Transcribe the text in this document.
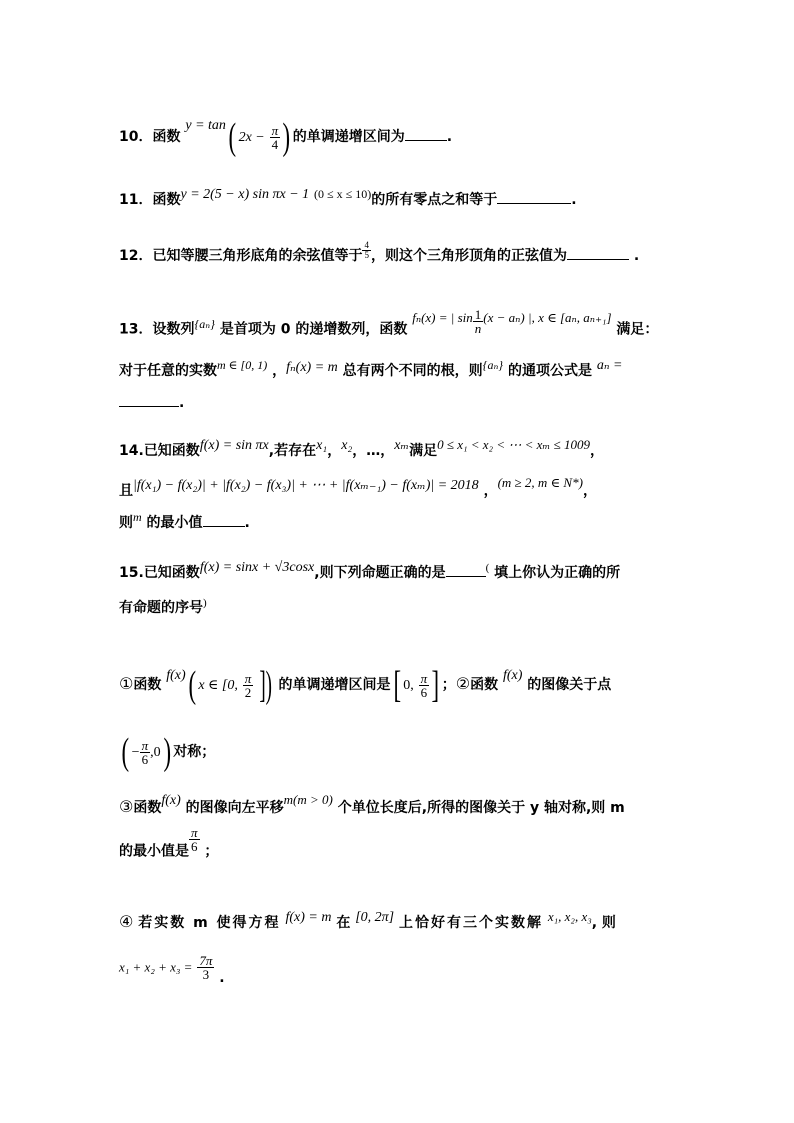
10．函数 y = tan( $2x - \frac{\pi}{4}$ ) 的单调递增区间为	.
11．函数y = 2(5 − x) sin πx − 1 (0 ≤ x ≤ 10)的所有零点之和等于	.
12．已知等腰三角形底角的余弦值等于 $\frac{4}{5}$ ，则这个三角形顶角的正弦值为	.
13．设数列{aₙ} 是首项为 0 的递增数列，函数 fₙ(x) = | $\sin \frac{1}{n} (x - a_n)$ |, x ∈ [aₙ, aₙ₊₁] 满足：
对于任意的实数m ∈ [0, 1) ，fₙ(x) = m 总有两个不同的根，则{aₙ} 的通项公式是 aₙ =
.
14.已知函数f(x) = sin πx,若存在x₁，x₂，…，xₘ满足0 ≤ x₁ < x₂ < ⋯ < xₘ ≤ 1009，
且|f(x₁) − f(x₂)| + |f(x₂) − f(x₃)| + ⋯ + |f(xₘ₋₁) − f(xₘ)| = 2018 ，(m ≥ 2, m ∈ N*)，
则m 的最小值	.
15.已知函数f(x) = sinx + √3cosx,则下列命题正确的是	( 填上你认为正确的所
有命题的序号)
①函数 f(x)( x ∈ [0, $\frac{\pi}{2}$ ]) 的单调递增区间是[ 0, $\frac{\pi}{6}$ ] ；②函数 f(x) 的图像关于点
( − $\frac{\pi}{6} ,0$) 对称；
③函数f(x) 的图像向左平移m(m > 0) 个单位长度后,所得的图像关于 y 轴对称,则 m
的最小值是 $\frac{\pi}{6}$ ；
④ 若实数 m 使得方程 f(x) = m 在 [0, 2π] 上恰好有三个实数解 x₁, x₂, x₃, 则
$x_1 + x_2 + x_3 = \frac{7\pi}{3}$ .
